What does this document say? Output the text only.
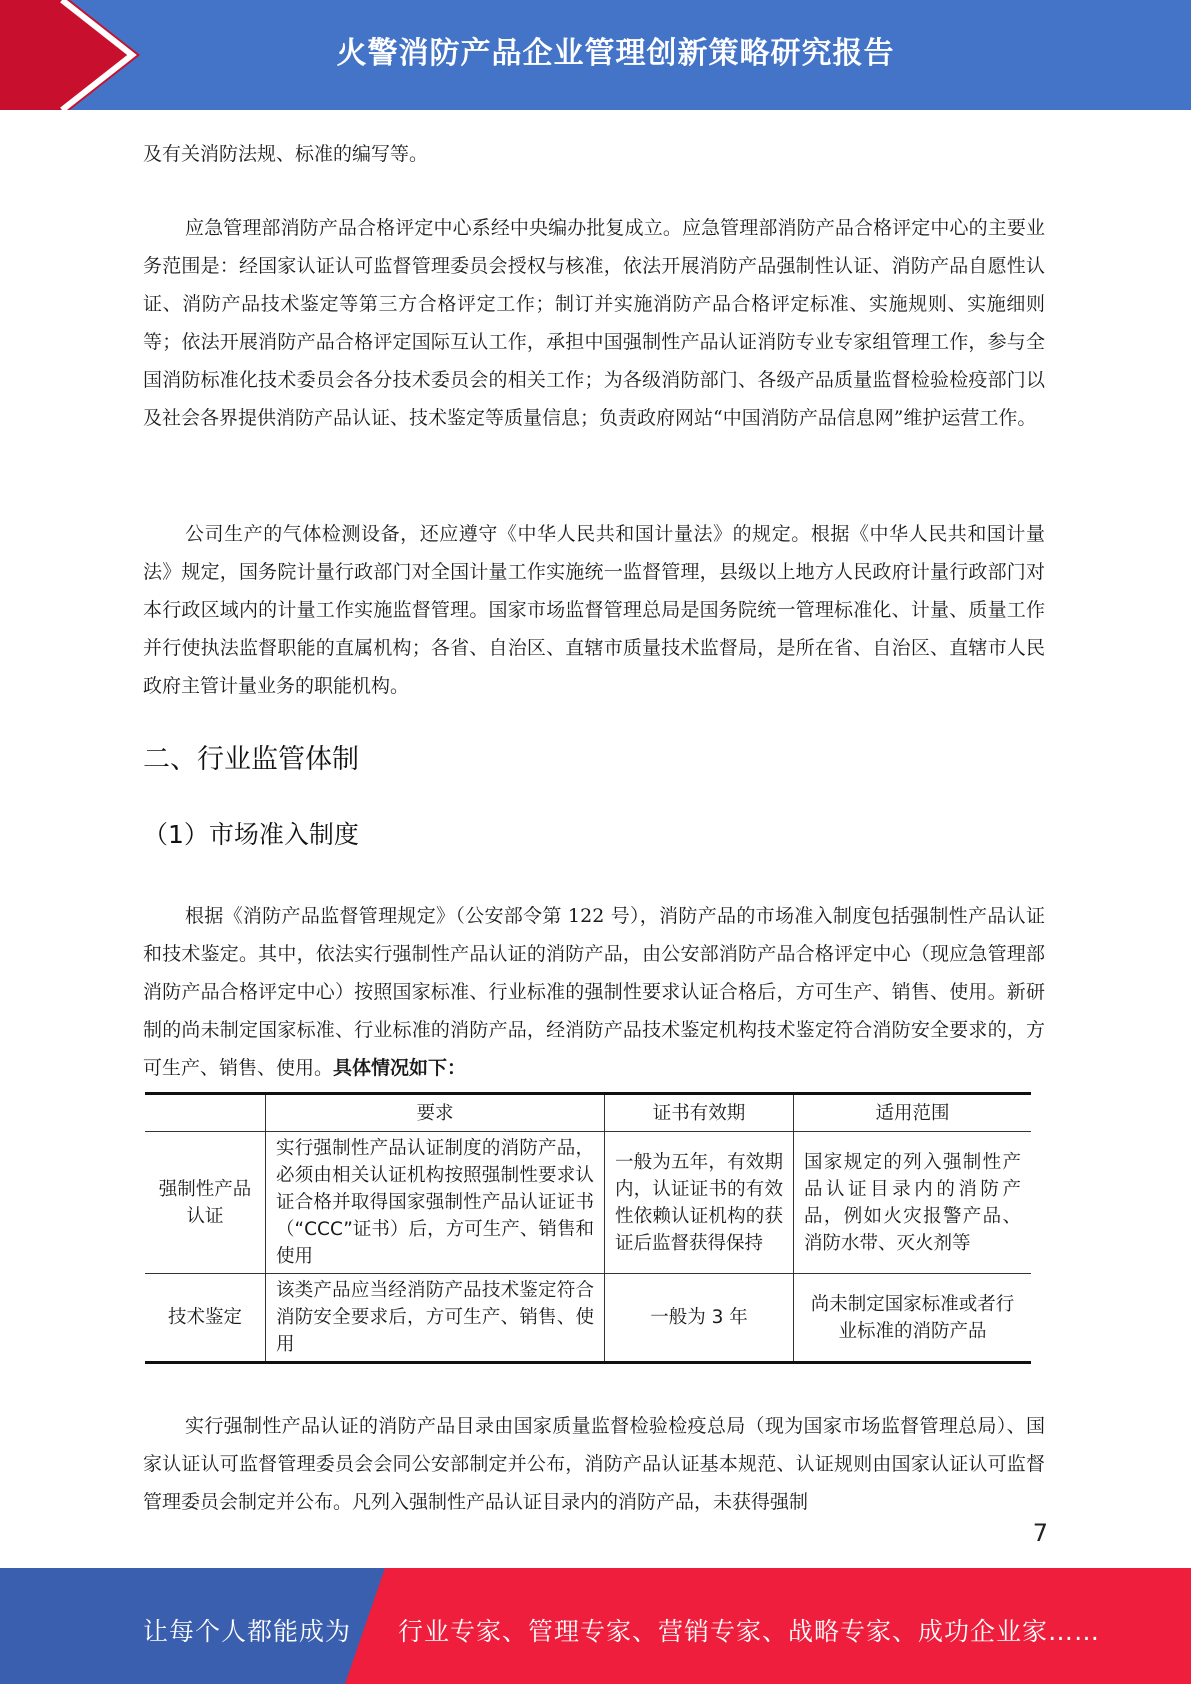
火警消防产品企业管理创新策略研究报告

及有关消防法规、标准的编写等。

应急管理部消防产品合格评定中心系经中央编办批复成立。应急管理部消防产品合格评定中心的主要业务范围是：经国家认证认可监督管理委员会授权与核准，依法开展消防产品强制性认证、消防产品自愿性认证、消防产品技术鉴定等第三方合格评定工作；制订并实施消防产品合格评定标准、实施规则、实施细则等；依法开展消防产品合格评定国际互认工作，承担中国强制性产品认证消防专业专家组管理工作，参与全国消防标准化技术委员会各分技术委员会的相关工作；为各级消防部门、各级产品质量监督检验检疫部门以及社会各界提供消防产品认证、技术鉴定等质量信息；负责政府网站“中国消防产品信息网”维护运营工作。

公司生产的气体检测设备，还应遵守《中华人民共和国计量法》的规定。根据《中华人民共和国计量法》规定，国务院计量行政部门对全国计量工作实施统一监督管理，县级以上地方人民政府计量行政部门对本行政区域内的计量工作实施监督管理。国家市场监督管理总局是国务院统一管理标准化、计量、质量工作并行使执法监督职能的直属机构；各省、自治区、直辖市质量技术监督局，是所在省、自治区、直辖市人民政府主管计量业务的职能机构。

二、行业监管体制
（1）市场准入制度

根据《消防产品监督管理规定》（公安部令第 122 号），消防产品的市场准入制度包括强制性产品认证和技术鉴定。其中，依法实行强制性产品认证的消防产品，由公安部消防产品合格评定中心（现应急管理部消防产品合格评定中心）按照国家标准、行业标准的强制性要求认证合格后，方可生产、销售、使用。新研制的尚未制定国家标准、行业标准的消防产品，经消防产品技术鉴定机构技术鉴定符合消防安全要求的，方可生产、销售、使用。具体情况如下：

	要求	证书有效期	适用范围
强制性产品认证	实行强制性产品认证制度的消防产品，必须由相关认证机构按照强制性要求认证合格并取得国家强制性产品认证证书（“CCC”证书）后，方可生产、销售和使用	一般为五年，有效期内，认证证书的有效性依赖认证机构的获证后监督获得保持	国家规定的列入强制性产品认证目录内的消防产品，例如火灾报警产品、消防水带、灭火剂等
技术鉴定	该类产品应当经消防产品技术鉴定符合消防安全要求后，方可生产、销售、使用	一般为 3 年	尚未制定国家标准或者行业标准的消防产品

实行强制性产品认证的消防产品目录由国家质量监督检验检疫总局（现为国家市场监督管理总局）、国家认证认可监督管理委员会会同公安部制定并公布，消防产品认证基本规范、认证规则由国家认证认可监督管理委员会制定并公布。凡列入强制性产品认证目录内的消防产品，未获得强制

7
让每个人都能成为 行业专家、管理专家、营销专家、战略专家、成功企业家……
